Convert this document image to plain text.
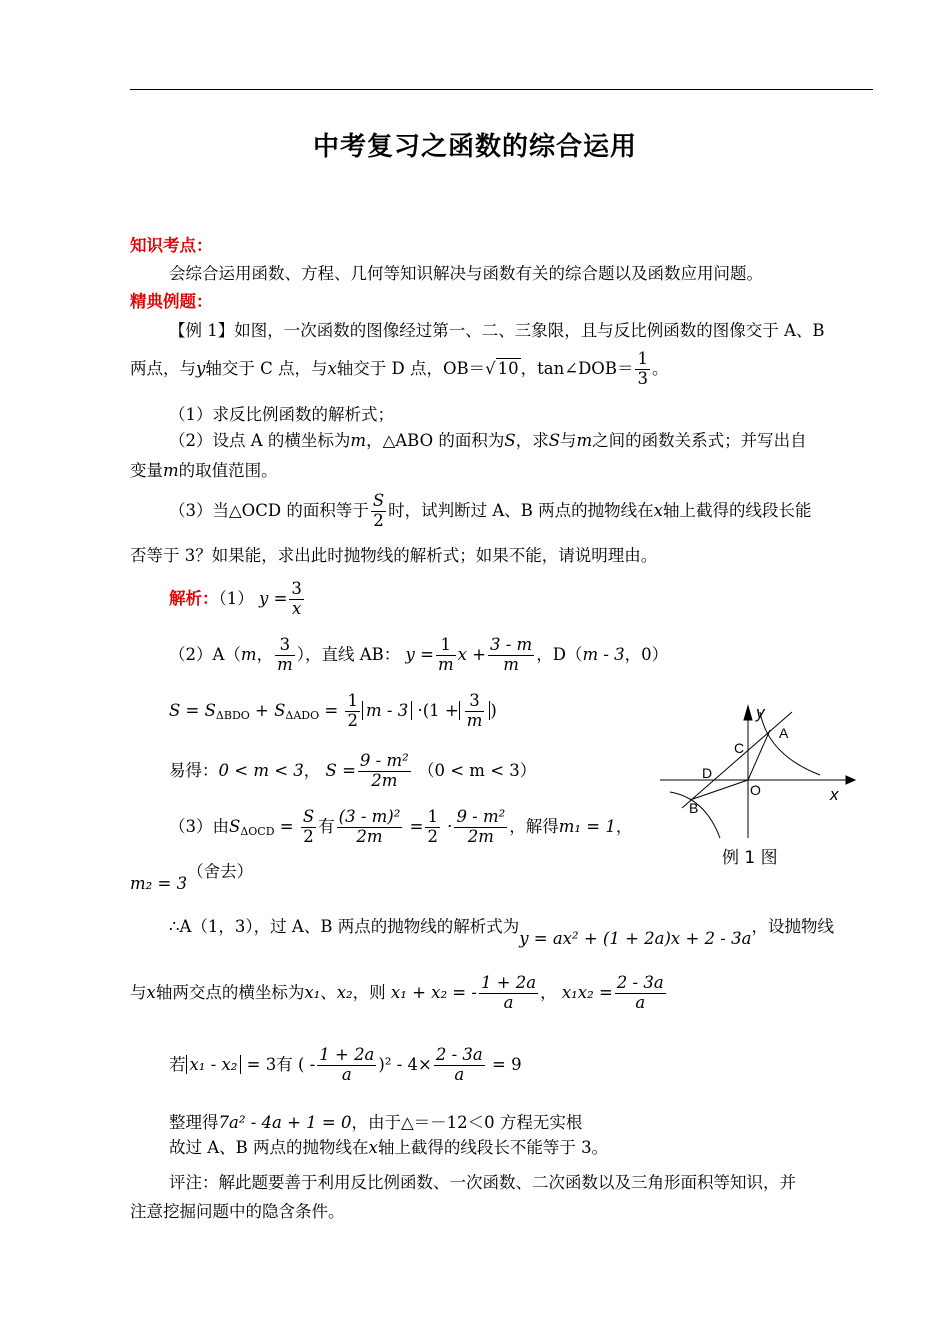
中考复习之函数的综合运用
知识考点：
会综合运用函数、方程、几何等知识解决与函数有关的综合题以及函数应用问题。
精典例题：
【例 1】如图，一次函数的图像经过第一、二、三象限，且与反比例函数的图像交于 A、B
两点，与y轴交于 C 点，与x轴交于 D 点，OB＝√ 10 ，tan∠DOB＝ $\frac{1}{3}$ 。
（1）求反比例函数的解析式；
（2）设点 A 的横坐标为m，△ABO 的面积为S，求S与m之间的函数关系式；并写出自
变量m的取值范围。
（3）当△OCD 的面积等于 $\frac{S}{2}$ 时，试判断过 A、B 两点的抛物线在x轴上截得的线段长能
否等于 3？如果能，求出此时抛物线的解析式；如果不能，请说明理由。
解析：（1） $y = \frac{3}{x}$
（2）A（m， $\frac{3}{m}$ ），直线 AB： $y = \frac{1}{m}$ $x + \frac{3 - m}{m}$ ，D（m - 3，0）
$S = S_{\Delta BDO} + S_{\Delta ADO} = \frac{1}{2}$ $m - 3 \cdot(1 + \frac{3}{m}$ )
易得：0 < m < 3， $S = \frac{\text{9 - m²}}{2m} (0 < m < 3)$
（3）由$S_{\Delta OCD} = \frac{S}{2}$ 有 $\frac{\text{(3 - m)²}}{2m} = \frac{1}{2} \cdot \frac{\text{9 - m²}}{2m}$ ，解得m₁ = 1，
m₂ = 3（舍去）
∴A（1，3），过 A、B 两点的抛物线的解析式为y = ax² + (1 + 2a)x + 2 - 3a，设抛物线
与x轴两交点的横坐标为x₁、x₂，则 x₁ + x₂ = - $\frac{1 + 2a}{a}$ ， $x_1x_2 = \frac{2 - 3a}{a}$
若 x₁ - x₂ = 3有 ( - $\frac{1 + 2a}{a} )^2 - 4\times \frac{2 - 3a}{a} = 9$
整理得7a² - 4a + 1 = 0，由于△＝－12＜0 方程无实根
故过 A、B 两点的抛物线在x轴上截得的线段长不能等于 3。
评注：解此题要善于利用反比例函数、一次函数、二次函数以及三角形面积等知识，并
注意挖掘问题中的隐含条件。
y
x
A
C
D
O
B
例 1 图
